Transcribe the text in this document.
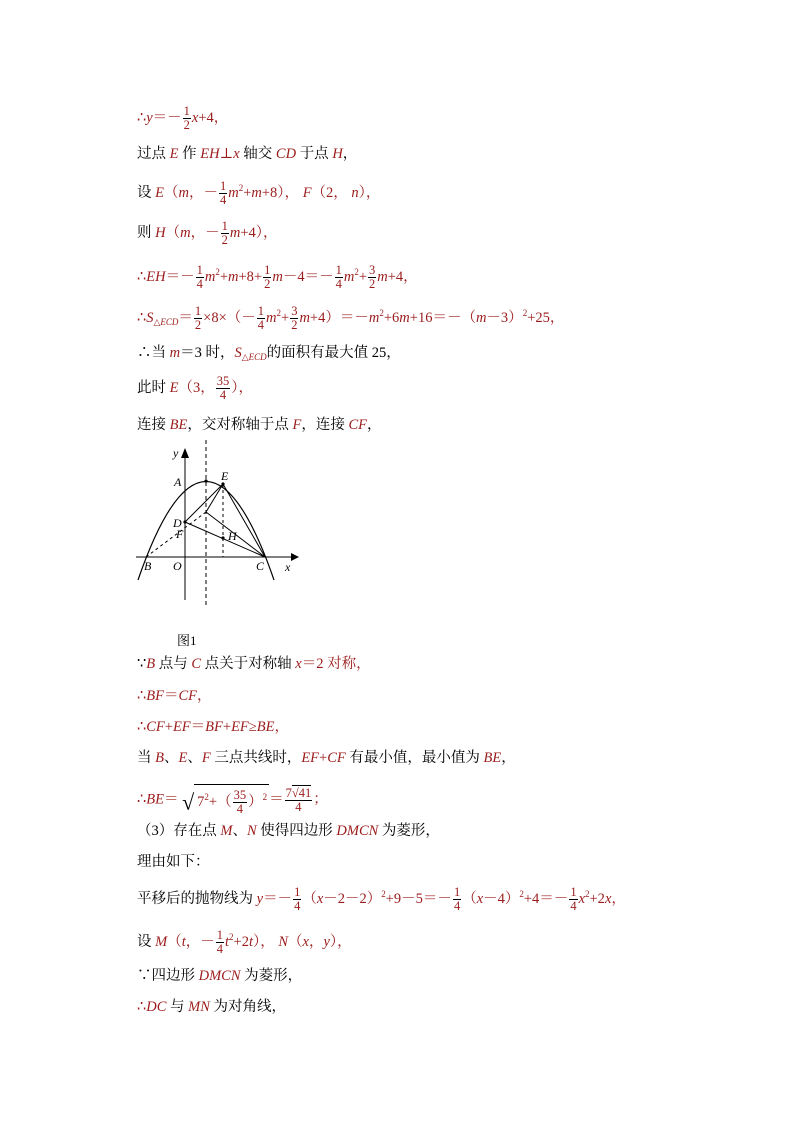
∴y＝－ $\frac{1}{2} x+4$，
过点 E 作 EH⊥x 轴交 CD 于点 H，
设 E（m，－ $\frac{1}{4} m^2+m+8$）， F（2， n），
则 H（m，－ $\frac{1}{2} m+4$），
∴EH＝－ $\frac{1}{4} m^2+m+8+ \frac{1}{2} m-4=- \frac{1}{4} m^2+ \frac{3}{2} m+4$，
$\therefore S_{\triangle ECD}= \frac{1}{2} \times 8\times(- \frac{1}{4} m^2+ \frac{3}{2} m+4)=-m^2+6m+16=-(m-3)^2+25$，
∴当 m＝3 时，$S_{\triangle ECD}$的面积有最大值 25，
此时 E（3， $\frac{35}{4}$ ），
连接 BE，交对称轴于点 F，连接 CF，
y
x
A	E
D
F	H
B O	C
图1
∵B 点与 C 点关于对称轴 x＝2 对称，
∴BF＝CF，
∴CF+EF＝BF+EF≥BE，
当 B、E、F 三点共线时，EF+CF 有最小值，最小值为 BE，
∴BE＝ √ $7^2+( \frac{35}{4} )^2 = \frac{7√41}{4}$ ；
（3）存在点 M、N 使得四边形 DMCN 为菱形，
理由如下：
平移后的抛物线为 $y=- \frac{1}{4} (x-2-2)^2+9-5=- \frac{1}{4} (x-4)^2+4=- \frac{1}{4} x^2+2x$，
设 M（t，－ $\frac{1}{4} t^2+2t$）， N（x，y），
∵四边形 DMCN 为菱形，
∴DC 与 MN 为对角线，
